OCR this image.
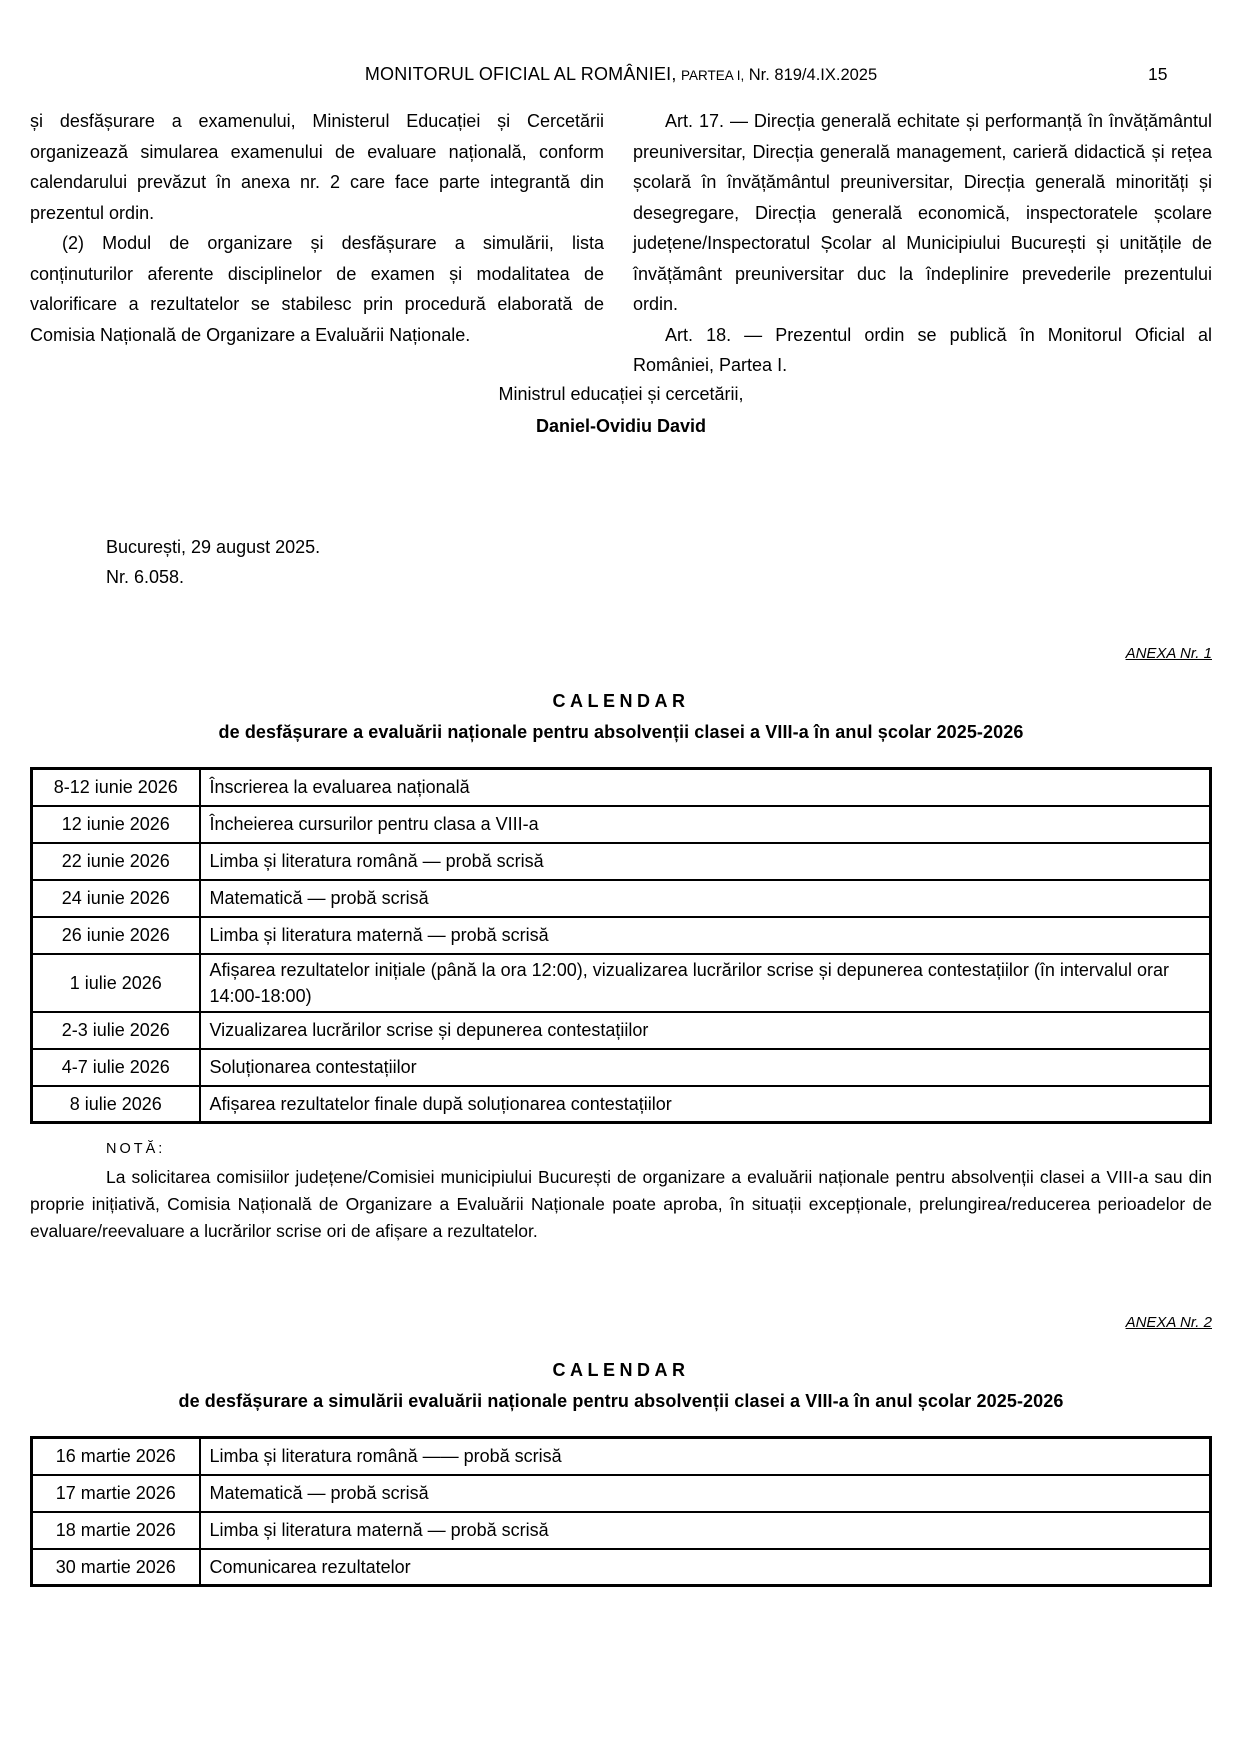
MONITORUL OFICIAL AL ROMÂNIEI, PARTEA I, Nr. 819/4.IX.2025	15

și desfășurare a examenului, Ministerul Educației și Cercetării organizează simularea examenului de evaluare națională, conform calendarului prevăzut în anexa nr. 2 care face parte integrantă din prezentul ordin.

(2) Modul de organizare și desfășurare a simulării, lista conținuturilor aferente disciplinelor de examen și modalitatea de valorificare a rezultatelor se stabilesc prin procedură elaborată de Comisia Națională de Organizare a Evaluării Naționale.

Art. 17. — Direcția generală echitate și performanță în învățământul preuniversitar, Direcția generală management, carieră didactică și rețea școlară în învățământul preuniversitar, Direcția generală minorități și desegregare, Direcția generală economică, inspectoratele școlare județene/Inspectoratul Școlar al Municipiului București și unitățile de învățământ preuniversitar duc la îndeplinire prevederile prezentului ordin.

Art. 18. — Prezentul ordin se publică în Monitorul Oficial al României, Partea I.

Ministrul educației și cercetării,

Daniel-Ovidiu David

București, 29 august 2025.

Nr. 6.058.

ANEXA Nr. 1
CALENDAR
de desfășurare a evaluării naționale pentru absolvenții clasei a VIII-a în anul școlar 2025-2026
8-12 iunie 2026	Înscrierea la evaluarea națională
12 iunie 2026	Încheierea cursurilor pentru clasa a VIII-a
22 iunie 2026	Limba și literatura română — probă scrisă
24 iunie 2026	Matematică — probă scrisă
26 iunie 2026	Limba și literatura maternă — probă scrisă
1 iulie 2026	Afișarea rezultatelor inițiale (până la ora 12:00), vizualizarea lucrărilor scrise și depunerea contestațiilor (în intervalul orar 14:00-18:00)
2-3 iulie 2026	Vizualizarea lucrărilor scrise și depunerea contestațiilor
4-7 iulie 2026	Soluționarea contestațiilor
8 iulie 2026	Afișarea rezultatelor finale după soluționarea contestațiilor

NOTĂ:

La solicitarea comisiilor județene/Comisiei municipiului București de organizare a evaluării naționale pentru absolvenții clasei a VIII-a sau din proprie inițiativă, Comisia Națională de Organizare a Evaluării Naționale poate aproba, în situații excepționale, prelungirea/reducerea perioadelor de evaluare/reevaluare a lucrărilor scrise ori de afișare a rezultatelor.

ANEXA Nr. 2
CALENDAR
de desfășurare a simulării evaluării naționale pentru absolvenții clasei a VIII-a în anul școlar 2025-2026
16 martie 2026	Limba și literatura română —— probă scrisă
17 martie 2026	Matematică — probă scrisă
18 martie 2026	Limba și literatura maternă — probă scrisă
30 martie 2026	Comunicarea rezultatelor
